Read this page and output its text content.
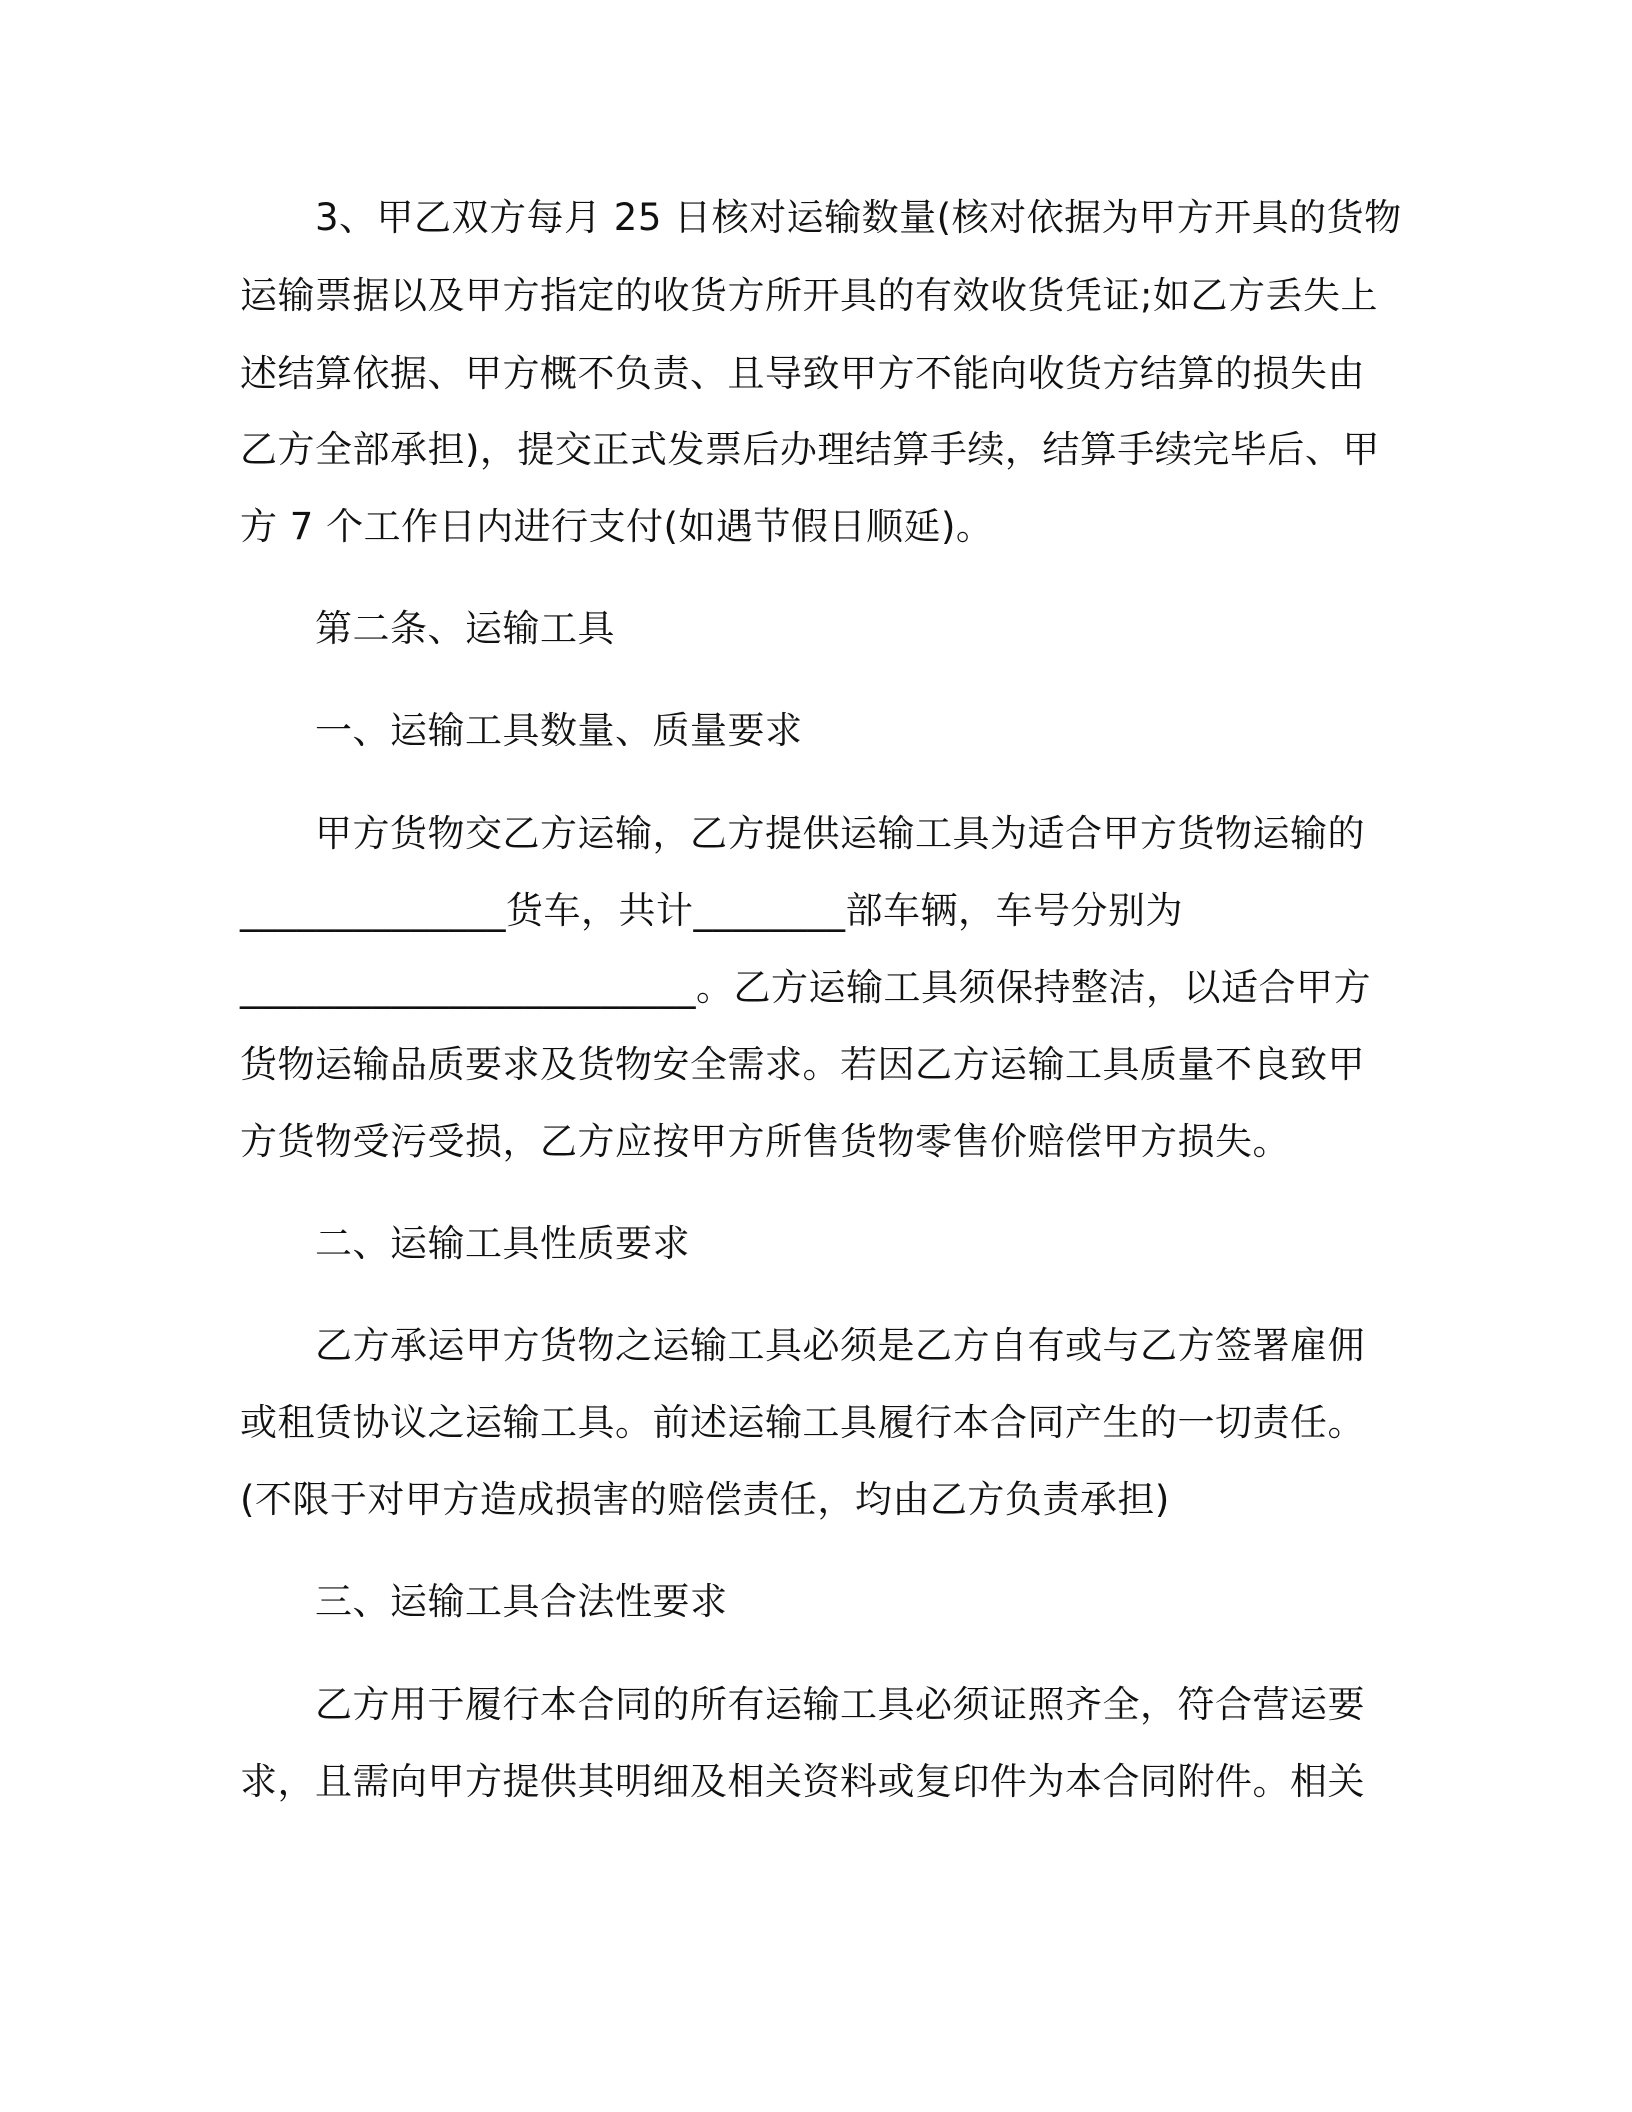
3、甲乙双方每月 25 日核对运输数量(核对依据为甲方开具的货物
运输票据以及甲方指定的收货方所开具的有效收货凭证;如乙方丢失上
述结算依据、甲方概不负责、且导致甲方不能向收货方结算的损失由
乙方全部承担)，提交正式发票后办理结算手续，结算手续完毕后、甲
方 7 个工作日内进行支付(如遇节假日顺延)。
第二条、运输工具
一、运输工具数量、质量要求
甲方货物交乙方运输，乙方提供运输工具为适合甲方货物运输的
______________货车，共计________部车辆，车号分别为
________________________。乙方运输工具须保持整洁，以适合甲方
货物运输品质要求及货物安全需求。若因乙方运输工具质量不良致甲
方货物受污受损，乙方应按甲方所售货物零售价赔偿甲方损失。
二、运输工具性质要求
乙方承运甲方货物之运输工具必须是乙方自有或与乙方签署雇佣
或租赁协议之运输工具。前述运输工具履行本合同产生的一切责任。
(不限于对甲方造成损害的赔偿责任，均由乙方负责承担)
三、运输工具合法性要求
乙方用于履行本合同的所有运输工具必须证照齐全，符合营运要
求，且需向甲方提供其明细及相关资料或复印件为本合同附件。相关
